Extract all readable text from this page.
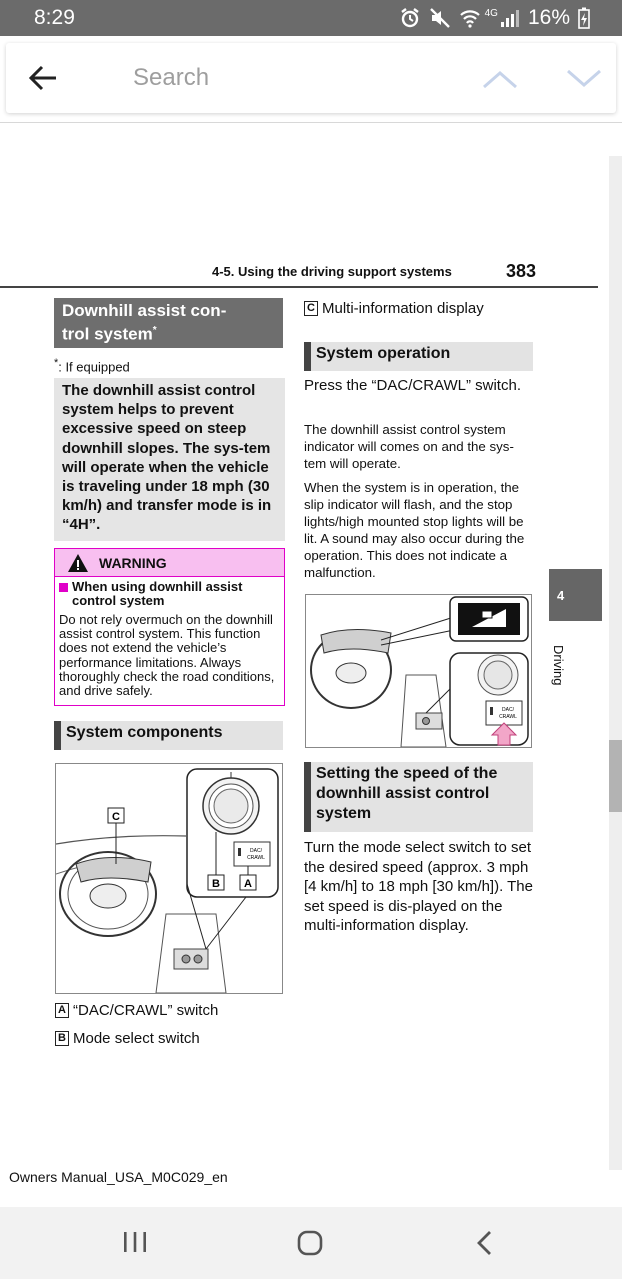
8:29	4G 16%
Search
4-5. Using the driving support systems	383
4
Driving
Downhill assist con-
trol system*
*: If equipped
The downhill assist control system helps to prevent excessive speed on steep downhill slopes. The sys-tem will operate when the vehicle is traveling under 18 mph (30 km/h) and transfer mode is in “4H”.
WARNING
When using downhill assist control system
Do not rely overmuch on the downhill assist control system. This function does not extend the vehicle’s performance limitations. Always thoroughly check the road conditions, and drive safely.
System components
C
DAC/
CRAWL
B A
A “DAC/CRAWL” switch
B Mode select switch
C Multi-information display
System operation
Press the “DAC/CRAWL” switch.
The downhill assist control system indicator will comes on and the sys-tem will operate.
When the system is in operation, the slip indicator will flash, and the stop lights/high mounted stop lights will be lit. A sound may also occur during the operation. This does not indicate a malfunction.
DAC/
CRAWL
Setting the speed of the downhill assist control system
Turn the mode select switch to set the desired speed (approx. 3 mph [4 km/h] to 18 mph [30 km/h]). The set speed is dis-played on the multi-information display.
Owners Manual_USA_M0C029_en
